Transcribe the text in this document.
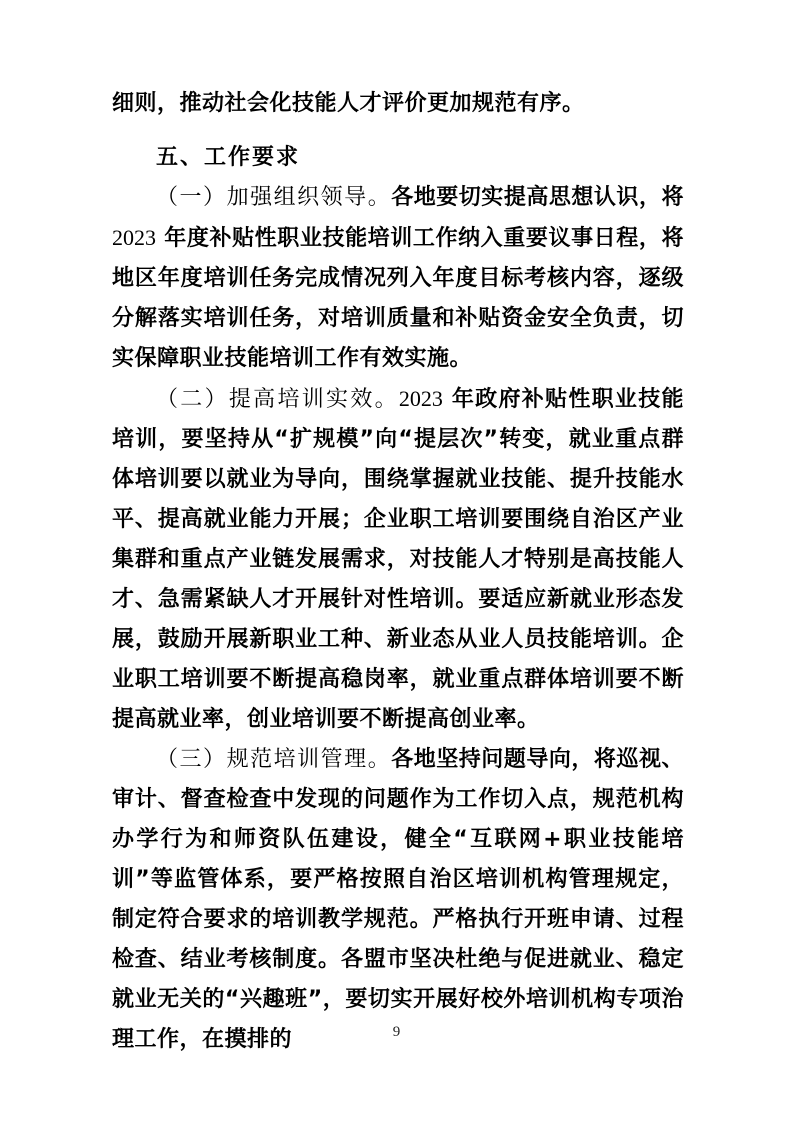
细则，推动社会化技能人才评价更加规范有序。

五、工作要求

（一）加强组织领导。各地要切实提高思想认识，将 2023 年度补贴性职业技能培训工作纳入重要议事日程，将地区年度培训任务完成情况列入年度目标考核内容，逐级分解落实培训任务，对培训质量和补贴资金安全负责，切实保障职业技能培训工作有效实施。

（二）提高培训实效。2023 年政府补贴性职业技能培训，要坚持从“扩规模”向“提层次”转变，就业重点群体培训要以就业为导向，围绕掌握就业技能、提升技能水平、提高就业能力开展；企业职工培训要围绕自治区产业集群和重点产业链发展需求，对技能人才特别是高技能人才、急需紧缺人才开展针对性培训。要适应新就业形态发展，鼓励开展新职业工种、新业态从业人员技能培训。企业职工培训要不断提高稳岗率，就业重点群体培训要不断提高就业率，创业培训要不断提高创业率。

（三）规范培训管理。各地坚持问题导向，将巡视、审计、督查检查中发现的问题作为工作切入点，规范机构办学行为和师资队伍建设，健全“互联网+职业技能培训”等监管体系，要严格按照自治区培训机构管理规定，制定符合要求的培训教学规范。严格执行开班申请、过程检查、结业考核制度。各盟市坚决杜绝与促进就业、稳定就业无关的“兴趣班”，要切实开展好校外培训机构专项治理工作，在摸排的	9
